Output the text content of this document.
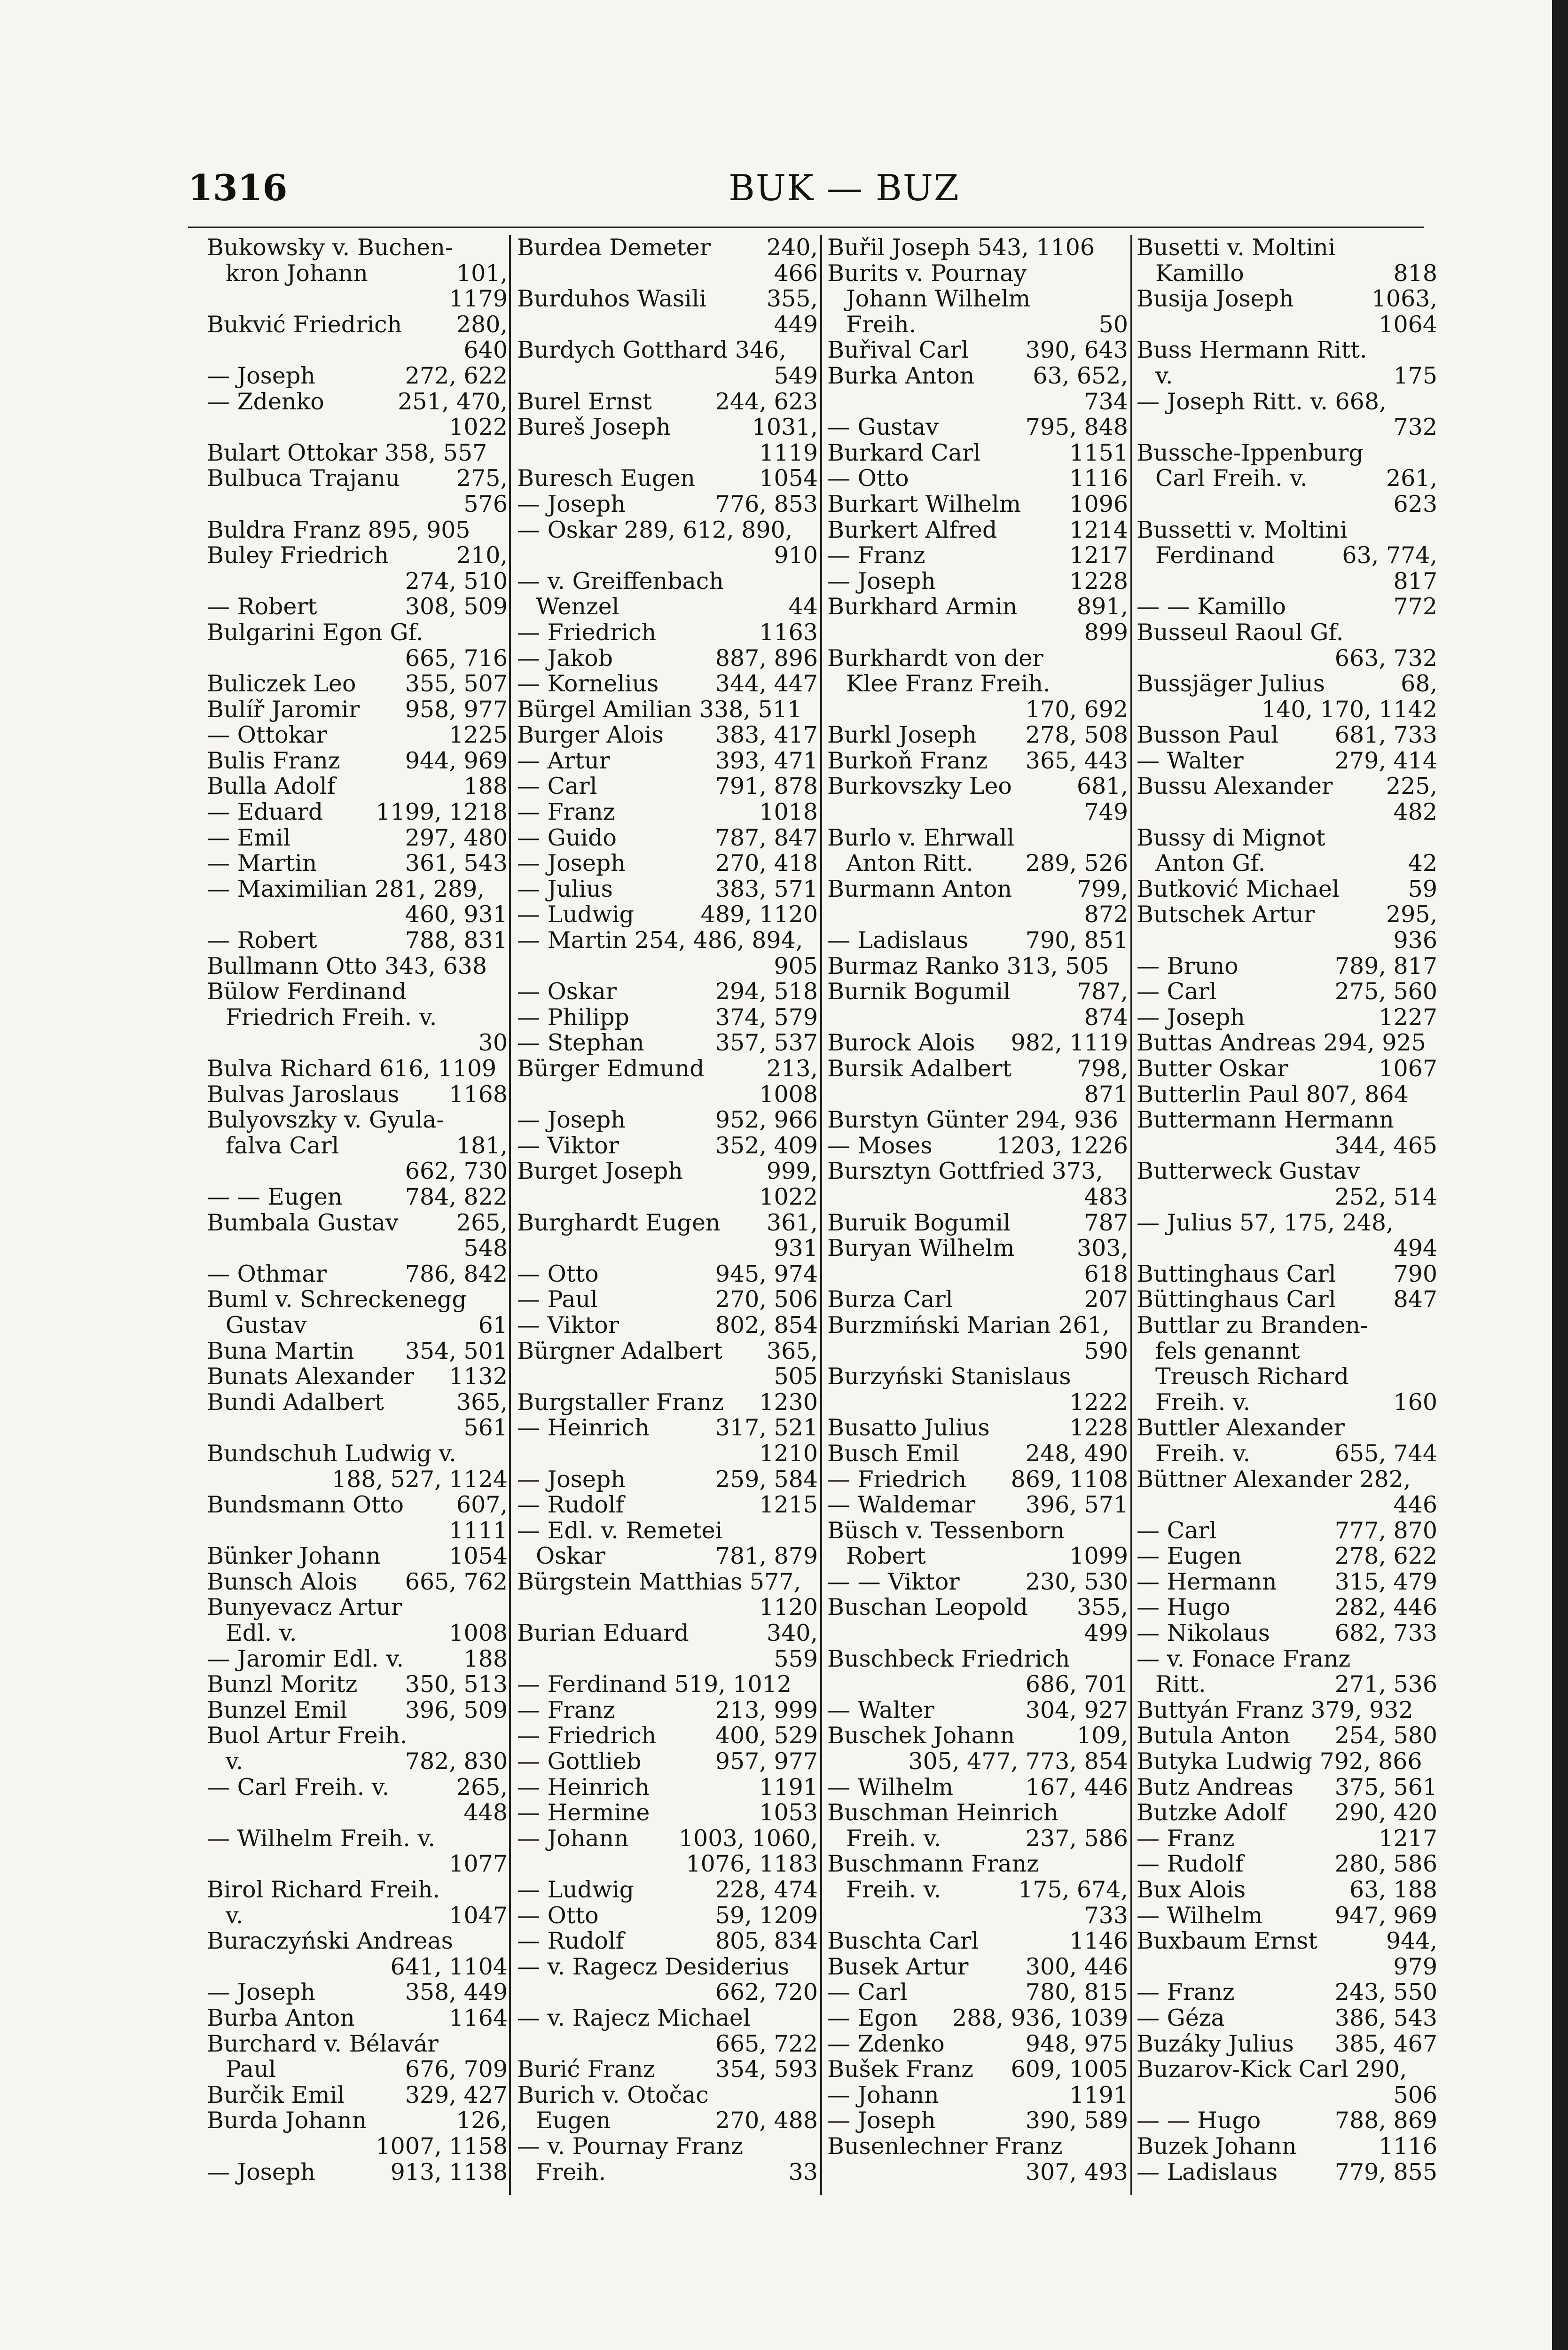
1316	BUK — BUZ
Bukowsky v. Buchen-
kron Johann	101,
1179
Bukvić Friedrich 280,
640
— Joseph	272, 622
— Zdenko	251, 470,
1022
Bulart Ottokar 358, 557
Bulbuca Trajanu 275,
576
Buldra Franz 895, 905
Buley Friedrich	210,
274, 510
— Robert	308, 509
Bulgarini Egon Gf.
665, 716
Buliczek Leo 355, 507
Bulíř Jaromir 958, 977
— Ottokar	1225
Bulis Franz	944, 969
Bulla Adolf	188
— Eduard 1199, 1218
— Emil	297, 480
— Martin	361, 543
— Maximilian 281, 289,
460, 931
— Robert	788, 831
Bullmann Otto 343, 638
Bülow Ferdinand
Friedrich Freih. v.
30
Bulva Richard 616, 1109
Bulvas Jaroslaus 1168
Bulyovszky v. Gyula-
falva Carl	181,
662, 730
— — Eugen	784, 822
Bumbala Gustav	265,
548
— Othmar	786, 842
Buml v. Schreckenegg
Gustav	61
Buna Martin 354, 501
Bunats Alexander 1132
Bundi Adalbert	365,
561
Bundschuh Ludwig v.
188, 527, 1124
Bundsmann Otto 607,
1111
Bünker Johann	1054
Bunsch Alois 665, 762
Bunyevacz Artur
Edl. v.	1008
— Jaromir Edl. v.	188
Bunzl Moritz 350, 513
Bunzel Emil	396, 509
Buol Artur Freih.
v.	782, 830
— Carl Freih. v.	265,
448
— Wilhelm Freih. v.
1077
Birol Richard Freih.
v.	1047
Buraczyński Andreas
641, 1104
— Joseph	358, 449
Burba Anton	1164
Burchard v. Bélavár
Paul	676, 709
Burčik Emil	329, 427
Burda Johann	126,
1007, 1158
— Joseph	913, 1138
Burdea Demeter 240,
466
Burduhos Wasili	355,
449
Burdych Gotthard 346,
549
Burel Ernst	244, 623
Bureš Joseph	1031,
1119
Buresch Eugen	1054
— Joseph	776, 853
— Oskar 289, 612, 890,
910
— v. Greiffenbach
Wenzel	44
— Friedrich	1163
— Jakob	887, 896
— Kornelius 344, 447
Bürgel Amilian 338, 511
Burger Alois 383, 417
— Artur	393, 471
— Carl	791, 878
— Franz	1018
— Guido	787, 847
— Joseph	270, 418
— Julius	383, 571
— Ludwig	489, 1120
— Martin 254, 486, 894,
905
— Oskar	294, 518
— Philipp	374, 579
— Stephan	357, 537
Bürger Edmund	213,
1008
— Joseph	952, 966
— Viktor	352, 409
Burget Joseph	999,
1022
Burghardt Eugen 361,
931
— Otto	945, 974
— Paul	270, 506
— Viktor	802, 854
Bürgner Adalbert 365,
505
Burgstaller Franz 1230
— Heinrich	317, 521
1210
— Joseph	259, 584
— Rudolf	1215
— Edl. v. Remetei
Oskar	781, 879
Bürgstein Matthias 577,
1120
Burian Eduard	340,
559
— Ferdinand 519, 1012
— Franz	213, 999
— Friedrich	400, 529
— Gottlieb	957, 977
— Heinrich	1191
— Hermine	1053
— Johann 1003, 1060,
1076, 1183
— Ludwig	228, 474
— Otto	59, 1209
— Rudolf	805, 834
— v. Ragecz Desiderius
662, 720
— v. Rajecz Michael
665, 722
Burić Franz	354, 593
Burich v. Otočac
Eugen	270, 488
— v. Pournay Franz
Freih.	33
Buřil Joseph 543, 1106
Burits v. Pournay
Johann Wilhelm
Freih.	50
Buřival Carl 390, 643
Burka Anton	63, 652,
734
— Gustav	795, 848
Burkard Carl	1151
— Otto	1116
Burkart Wilhelm 1096
Burkert Alfred	1214
— Franz	1217
— Joseph	1228
Burkhard Armin	891,
899
Burkhardt von der
Klee Franz Freih.
170, 692
Burkl Joseph 278, 508
Burkoň Franz 365, 443
Burkovszky Leo	681,
749
Burlo v. Ehrwall
Anton Ritt. 289, 526
Burmann Anton	799,
872
— Ladislaus 790, 851
Burmaz Ranko 313, 505
Burnik Bogumil	787,
874
Burock Alois 982, 1119
Bursik Adalbert	798,
871
Burstyn Günter 294, 936
— Moses	1203, 1226
Bursztyn Gottfried 373,
483
Buruik Bogumil	787
Buryan Wilhelm	303,
618
Burza Carl	207
Burzmiński Marian 261,
590
Burzyński Stanislaus
1222
Busatto Julius	1228
Busch Emil	248, 490
— Friedrich 869, 1108
— Waldemar 396, 571
Büsch v. Tessenborn
Robert	1099
— — Viktor	230, 530
Buschan Leopold 355,
499
Buschbeck Friedrich
686, 701
— Walter	304, 927
Buschek Johann	109,
305, 477, 773, 854
— Wilhelm	167, 446
Buschman Heinrich
Freih. v.	237, 586
Buschmann Franz
Freih. v.	175, 674,
733
Buschta Carl	1146
Busek Artur 300, 446
— Carl	780, 815
— Egon 288, 936, 1039
— Zdenko	948, 975
Bušek Franz 609, 1005
— Johann	1191
— Joseph	390, 589
Busenlechner Franz
307, 493
Busetti v. Moltini
Kamillo	818
Busija Joseph	1063,
1064
Buss Hermann Ritt.
v.	175
— Joseph Ritt. v. 668,
732
Bussche-Ippenburg
Carl Freih. v.	261,
623
Bussetti v. Moltini
Ferdinand	63, 774,
817
— — Kamillo	772
Busseul Raoul Gf.
663, 732
Bussjäger Julius	68,
140, 170, 1142
Busson Paul 681, 733
— Walter	279, 414
Bussu Alexander 225,
482
Bussy di Mignot
Anton Gf.	42
Butković Michael	59
Butschek Artur	295,
936
— Bruno	789, 817
— Carl	275, 560
— Joseph	1227
Buttas Andreas 294, 925
Butter Oskar	1067
Butterlin Paul 807, 864
Buttermann Hermann
344, 465
Butterweck Gustav
252, 514
— Julius 57, 175, 248,
494
Buttinghaus Carl 790
Büttinghaus Carl 847
Buttlar zu Branden-
fels genannt
Treusch Richard
Freih. v.	160
Buttler Alexander
Freih. v.	655, 744
Büttner Alexander 282,
446
— Carl	777, 870
— Eugen	278, 622
— Hermann	315, 479
— Hugo	282, 446
— Nikolaus	682, 733
— v. Fonace Franz
Ritt.	271, 536
Buttyán Franz 379, 932
Butula Anton 254, 580
Butyka Ludwig 792, 866
Butz Andreas 375, 561
Butzke Adolf 290, 420
— Franz	1217
— Rudolf	280, 586
Bux Alois	63, 188
— Wilhelm	947, 969
Buxbaum Ernst	944,
979
— Franz	243, 550
— Géza	386, 543
Buzáky Julius 385, 467
Buzarov-Kick Carl 290,
506
— — Hugo	788, 869
Buzek Johann	1116
— Ladislaus 779, 855
